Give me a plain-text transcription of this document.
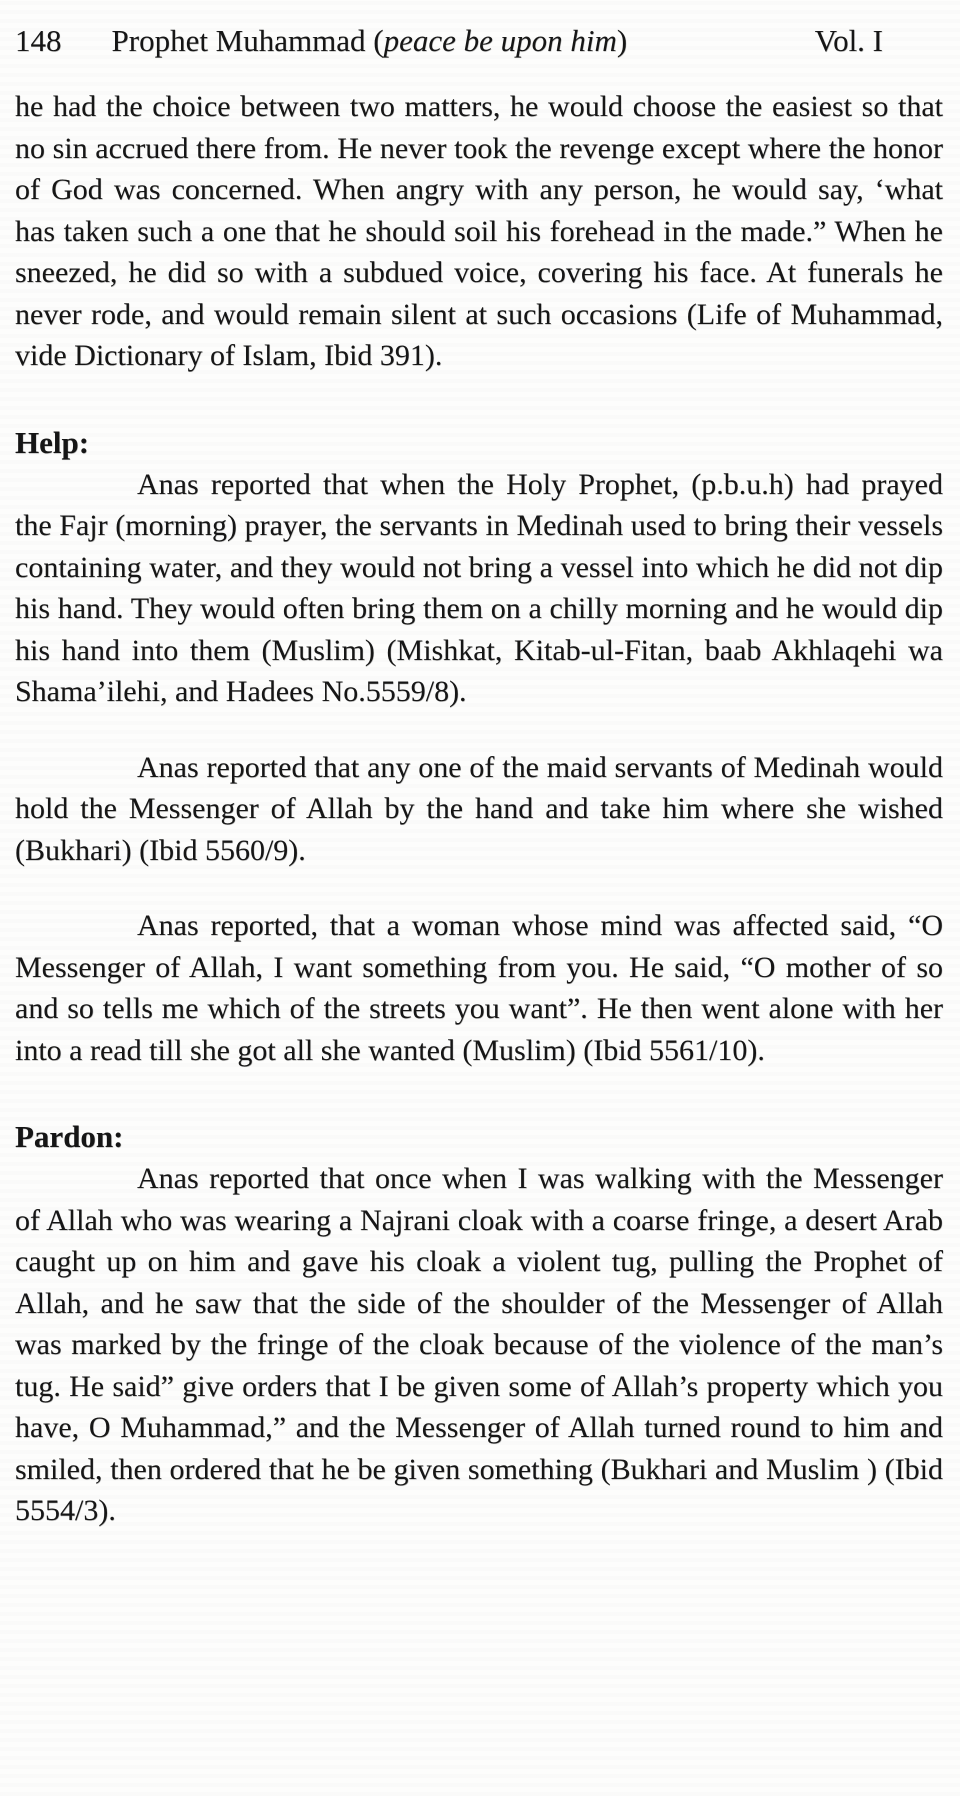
148 Prophet Muhammad (peace be upon him)	Vol. I

he had the choice between two matters, he would choose the easiest so that no sin accrued there from. He never took the revenge except where the honor of God was concerned. When angry with any person, he would say, ‘what has taken such a one that he should soil his forehead in the made.” When he sneezed, he did so with a subdued voice, covering his face. At funerals he never rode, and would remain silent at such occasions (Life of Muhammad, vide Dictionary of Islam, Ibid 391).

Help:

Anas reported that when the Holy Prophet, (p.b.u.h) had prayed the Fajr (morning) prayer, the servants in Medinah used to bring their vessels containing water, and they would not bring a vessel into which he did not dip his hand. They would often bring them on a chilly morning and he would dip his hand into them (Muslim) (Mishkat, Kitab-ul-Fitan, baab Akhlaqehi wa Shama’ilehi, and Hadees No.5559/8).

Anas reported that any one of the maid servants of Medinah would hold the Messenger of Allah by the hand and take him where she wished (Bukhari) (Ibid 5560/9).

Anas reported, that a woman whose mind was affected said, “O Messenger of Allah, I want something from you. He said, “O mother of so and so tells me which of the streets you want”. He then went alone with her into a read till she got all she wanted (Muslim) (Ibid 5561/10).

Pardon:

Anas reported that once when I was walking with the Messenger of Allah who was wearing a Najrani cloak with a coarse fringe, a desert Arab caught up on him and gave his cloak a violent tug, pulling the Prophet of Allah, and he saw that the side of the shoulder of the Messenger of Allah was marked by the fringe of the cloak because of the violence of the man’s tug. He said” give orders that I be given some of Allah’s property which you have, O Muhammad,” and the Messenger of Allah turned round to him and smiled, then ordered that he be given something (Bukhari and Muslim ) (Ibid 5554/3).
